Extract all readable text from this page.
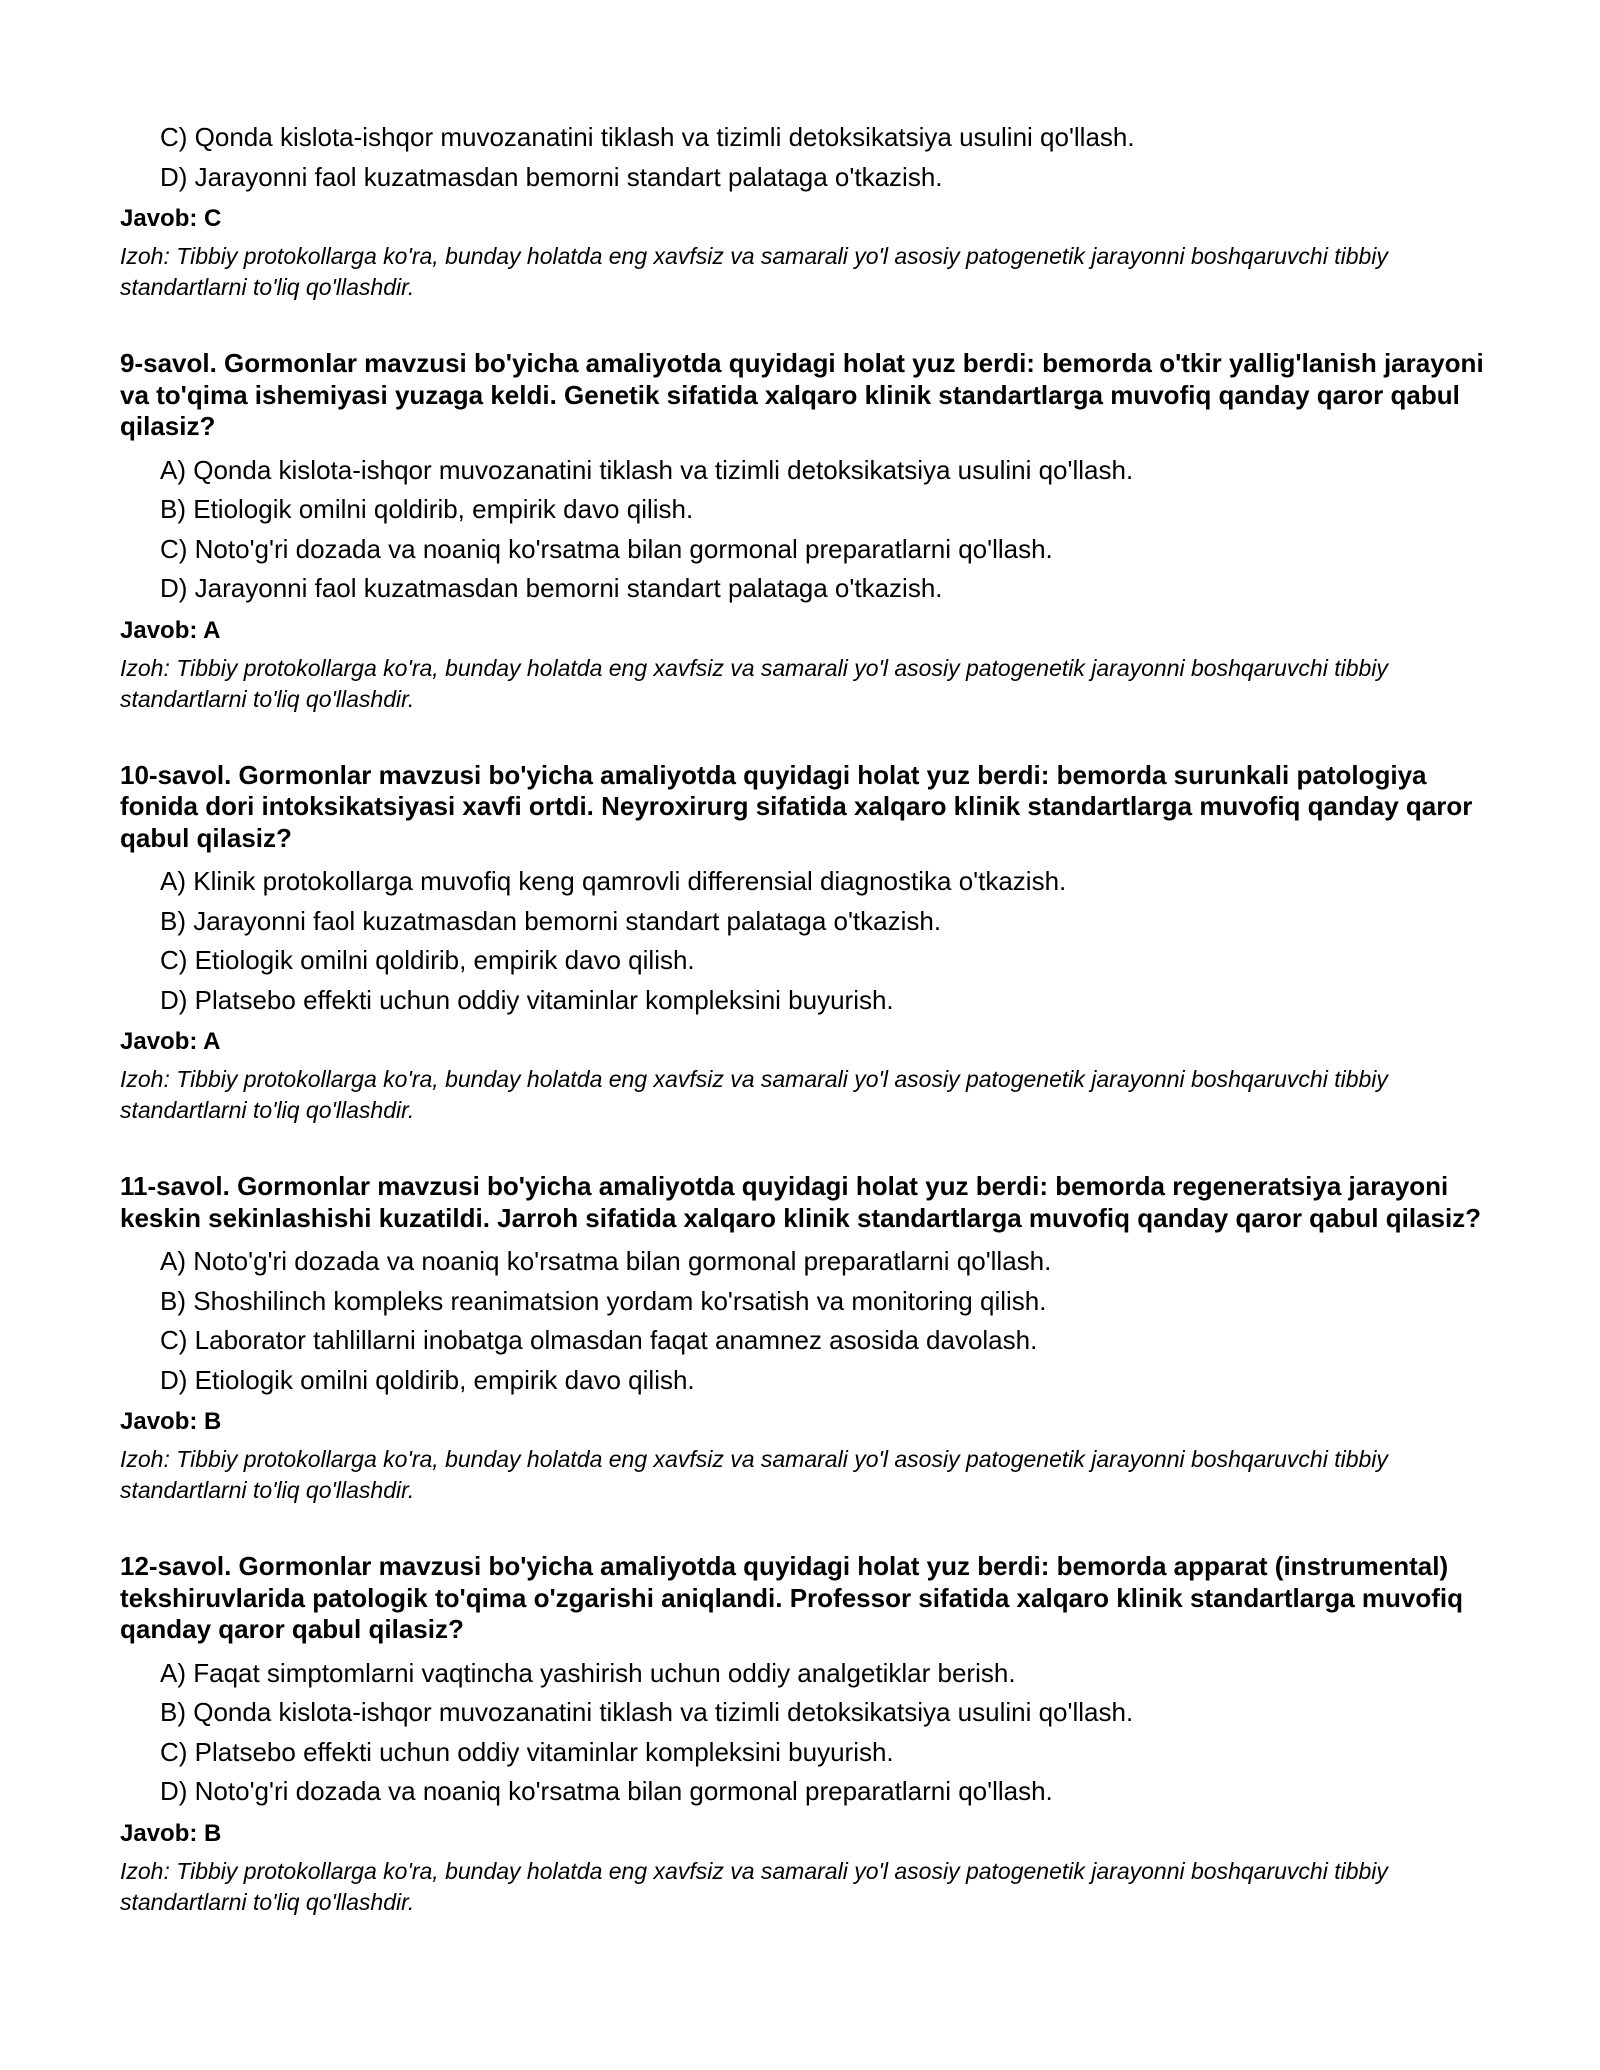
C) Qonda kislota-ishqor muvozanatini tiklash va tizimli detoksikatsiya usulini qo'llash.
D) Jarayonni faol kuzatmasdan bemorni standart palataga o'tkazish.
Javob: C
Izoh: Tibbiy protokollarga ko'ra, bunday holatda eng xavfsiz va samarali yo'l asosiy patogenetik jarayonni boshqaruvchi tibbiy standartlarni to'liq qo'llashdir.
9-savol. Gormonlar mavzusi bo'yicha amaliyotda quyidagi holat yuz berdi: bemorda o'tkir yallig'lanish jarayoni va to'qima ishemiyasi yuzaga keldi. Genetik sifatida xalqaro klinik standartlarga muvofiq qanday qaror qabul qilasiz?
A) Qonda kislota-ishqor muvozanatini tiklash va tizimli detoksikatsiya usulini qo'llash.
B) Etiologik omilni qoldirib, empirik davo qilish.
C) Noto'g'ri dozada va noaniq ko'rsatma bilan gormonal preparatlarni qo'llash.
D) Jarayonni faol kuzatmasdan bemorni standart palataga o'tkazish.
Javob: A
Izoh: Tibbiy protokollarga ko'ra, bunday holatda eng xavfsiz va samarali yo'l asosiy patogenetik jarayonni boshqaruvchi tibbiy standartlarni to'liq qo'llashdir.
10-savol. Gormonlar mavzusi bo'yicha amaliyotda quyidagi holat yuz berdi: bemorda surunkali patologiya fonida dori intoksikatsiyasi xavfi ortdi. Neyroxirurg sifatida xalqaro klinik standartlarga muvofiq qanday qaror qabul qilasiz?
A) Klinik protokollarga muvofiq keng qamrovli differensial diagnostika o'tkazish.
B) Jarayonni faol kuzatmasdan bemorni standart palataga o'tkazish.
C) Etiologik omilni qoldirib, empirik davo qilish.
D) Platsebo effekti uchun oddiy vitaminlar kompleksini buyurish.
Javob: A
Izoh: Tibbiy protokollarga ko'ra, bunday holatda eng xavfsiz va samarali yo'l asosiy patogenetik jarayonni boshqaruvchi tibbiy standartlarni to'liq qo'llashdir.
11-savol. Gormonlar mavzusi bo'yicha amaliyotda quyidagi holat yuz berdi: bemorda regeneratsiya jarayoni keskin sekinlashishi kuzatildi. Jarroh sifatida xalqaro klinik standartlarga muvofiq qanday qaror qabul qilasiz?
A) Noto'g'ri dozada va noaniq ko'rsatma bilan gormonal preparatlarni qo'llash.
B) Shoshilinch kompleks reanimatsion yordam ko'rsatish va monitoring qilish.
C) Laborator tahlillarni inobatga olmasdan faqat anamnez asosida davolash.
D) Etiologik omilni qoldirib, empirik davo qilish.
Javob: B
Izoh: Tibbiy protokollarga ko'ra, bunday holatda eng xavfsiz va samarali yo'l asosiy patogenetik jarayonni boshqaruvchi tibbiy standartlarni to'liq qo'llashdir.
12-savol. Gormonlar mavzusi bo'yicha amaliyotda quyidagi holat yuz berdi: bemorda apparat (instrumental) tekshiruvlarida patologik to'qima o'zgarishi aniqlandi. Professor sifatida xalqaro klinik standartlarga muvofiq qanday qaror qabul qilasiz?
A) Faqat simptomlarni vaqtincha yashirish uchun oddiy analgetiklar berish.
B) Qonda kislota-ishqor muvozanatini tiklash va tizimli detoksikatsiya usulini qo'llash.
C) Platsebo effekti uchun oddiy vitaminlar kompleksini buyurish.
D) Noto'g'ri dozada va noaniq ko'rsatma bilan gormonal preparatlarni qo'llash.
Javob: B
Izoh: Tibbiy protokollarga ko'ra, bunday holatda eng xavfsiz va samarali yo'l asosiy patogenetik jarayonni boshqaruvchi tibbiy standartlarni to'liq qo'llashdir.
